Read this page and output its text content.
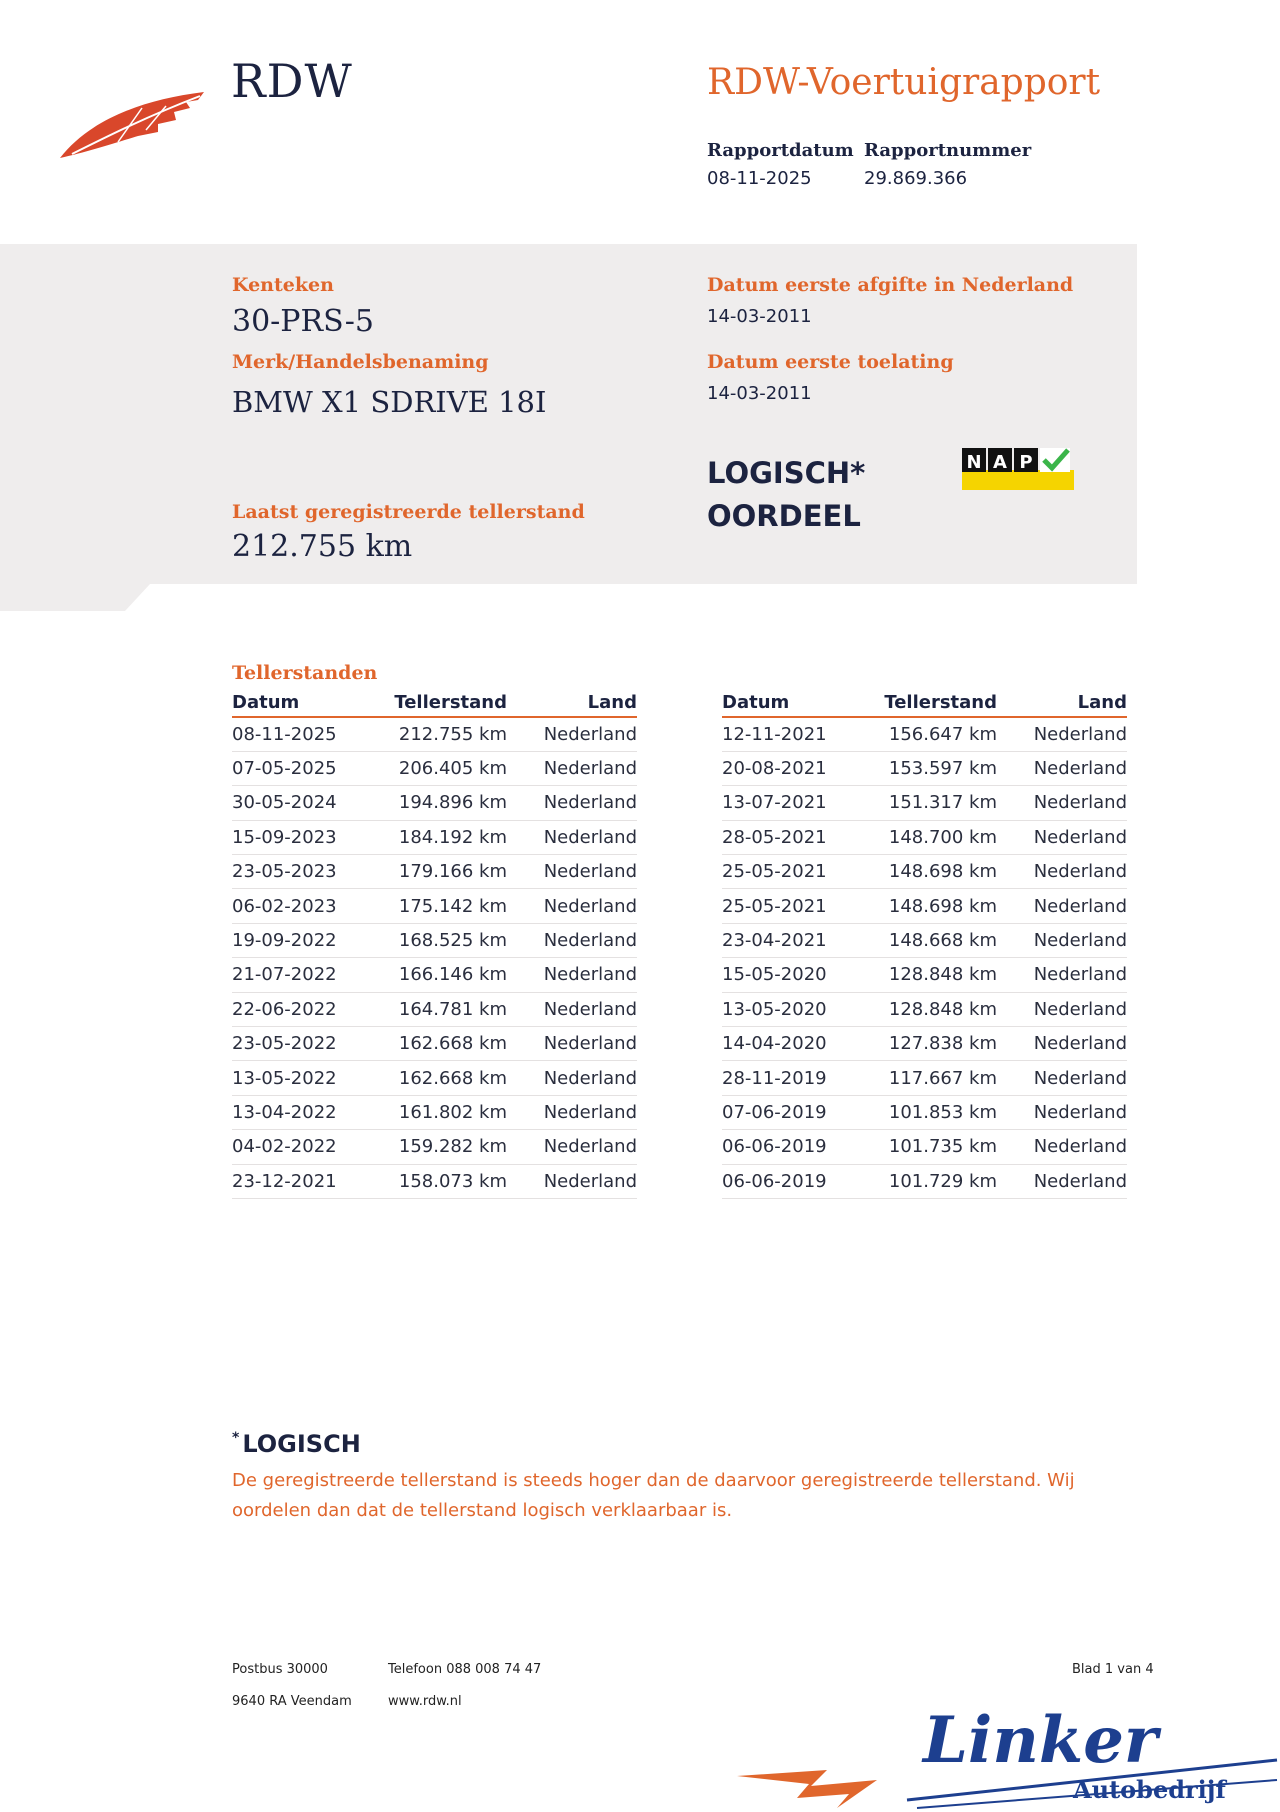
RDW	RDW-Voertuigrapport
Rapportdatum
08-11-2025
Rapportnummer
29.869.366
Kenteken
30-PRS-5
Merk/Handelsbenaming
BMW X1 SDRIVE 18I
Laatst geregistreerde tellerstand
212.755 km
Datum eerste afgifte in Nederland
14-03-2011
Datum eerste toelating
14-03-2011
LOGISCH*
OORDEEL
N A P
Tellerstanden
Datum	Tellerstand	Land
08-11-2025	212.755 km	Nederland
07-05-2025	206.405 km	Nederland
30-05-2024	194.896 km	Nederland
15-09-2023	184.192 km	Nederland
23-05-2023	179.166 km	Nederland
06-02-2023	175.142 km	Nederland
19-09-2022	168.525 km	Nederland
21-07-2022	166.146 km	Nederland
22-06-2022	164.781 km	Nederland
23-05-2022	162.668 km	Nederland
13-05-2022	162.668 km	Nederland
13-04-2022	161.802 km	Nederland
04-02-2022	159.282 km	Nederland
23-12-2021	158.073 km	Nederland
Datum	Tellerstand	Land
12-11-2021	156.647 km	Nederland
20-08-2021	153.597 km	Nederland
13-07-2021	151.317 km	Nederland
28-05-2021	148.700 km	Nederland
25-05-2021	148.698 km	Nederland
25-05-2021	148.698 km	Nederland
23-04-2021	148.668 km	Nederland
15-05-2020	128.848 km	Nederland
13-05-2020	128.848 km	Nederland
14-04-2020	127.838 km	Nederland
28-11-2019	117.667 km	Nederland
07-06-2019	101.853 km	Nederland
06-06-2019	101.735 km	Nederland
06-06-2019	101.729 km	Nederland
* LOGISCH
De geregistreerde tellerstand is steeds hoger dan de daarvoor geregistreerde tellerstand. Wij oordelen dan dat de tellerstand logisch verklaarbaar is.
Postbus 30000
9640 RA Veendam
Telefoon 088 008 74 47
www.rdw.nl
Blad 1 van 4
Linker
Autobedrijf
